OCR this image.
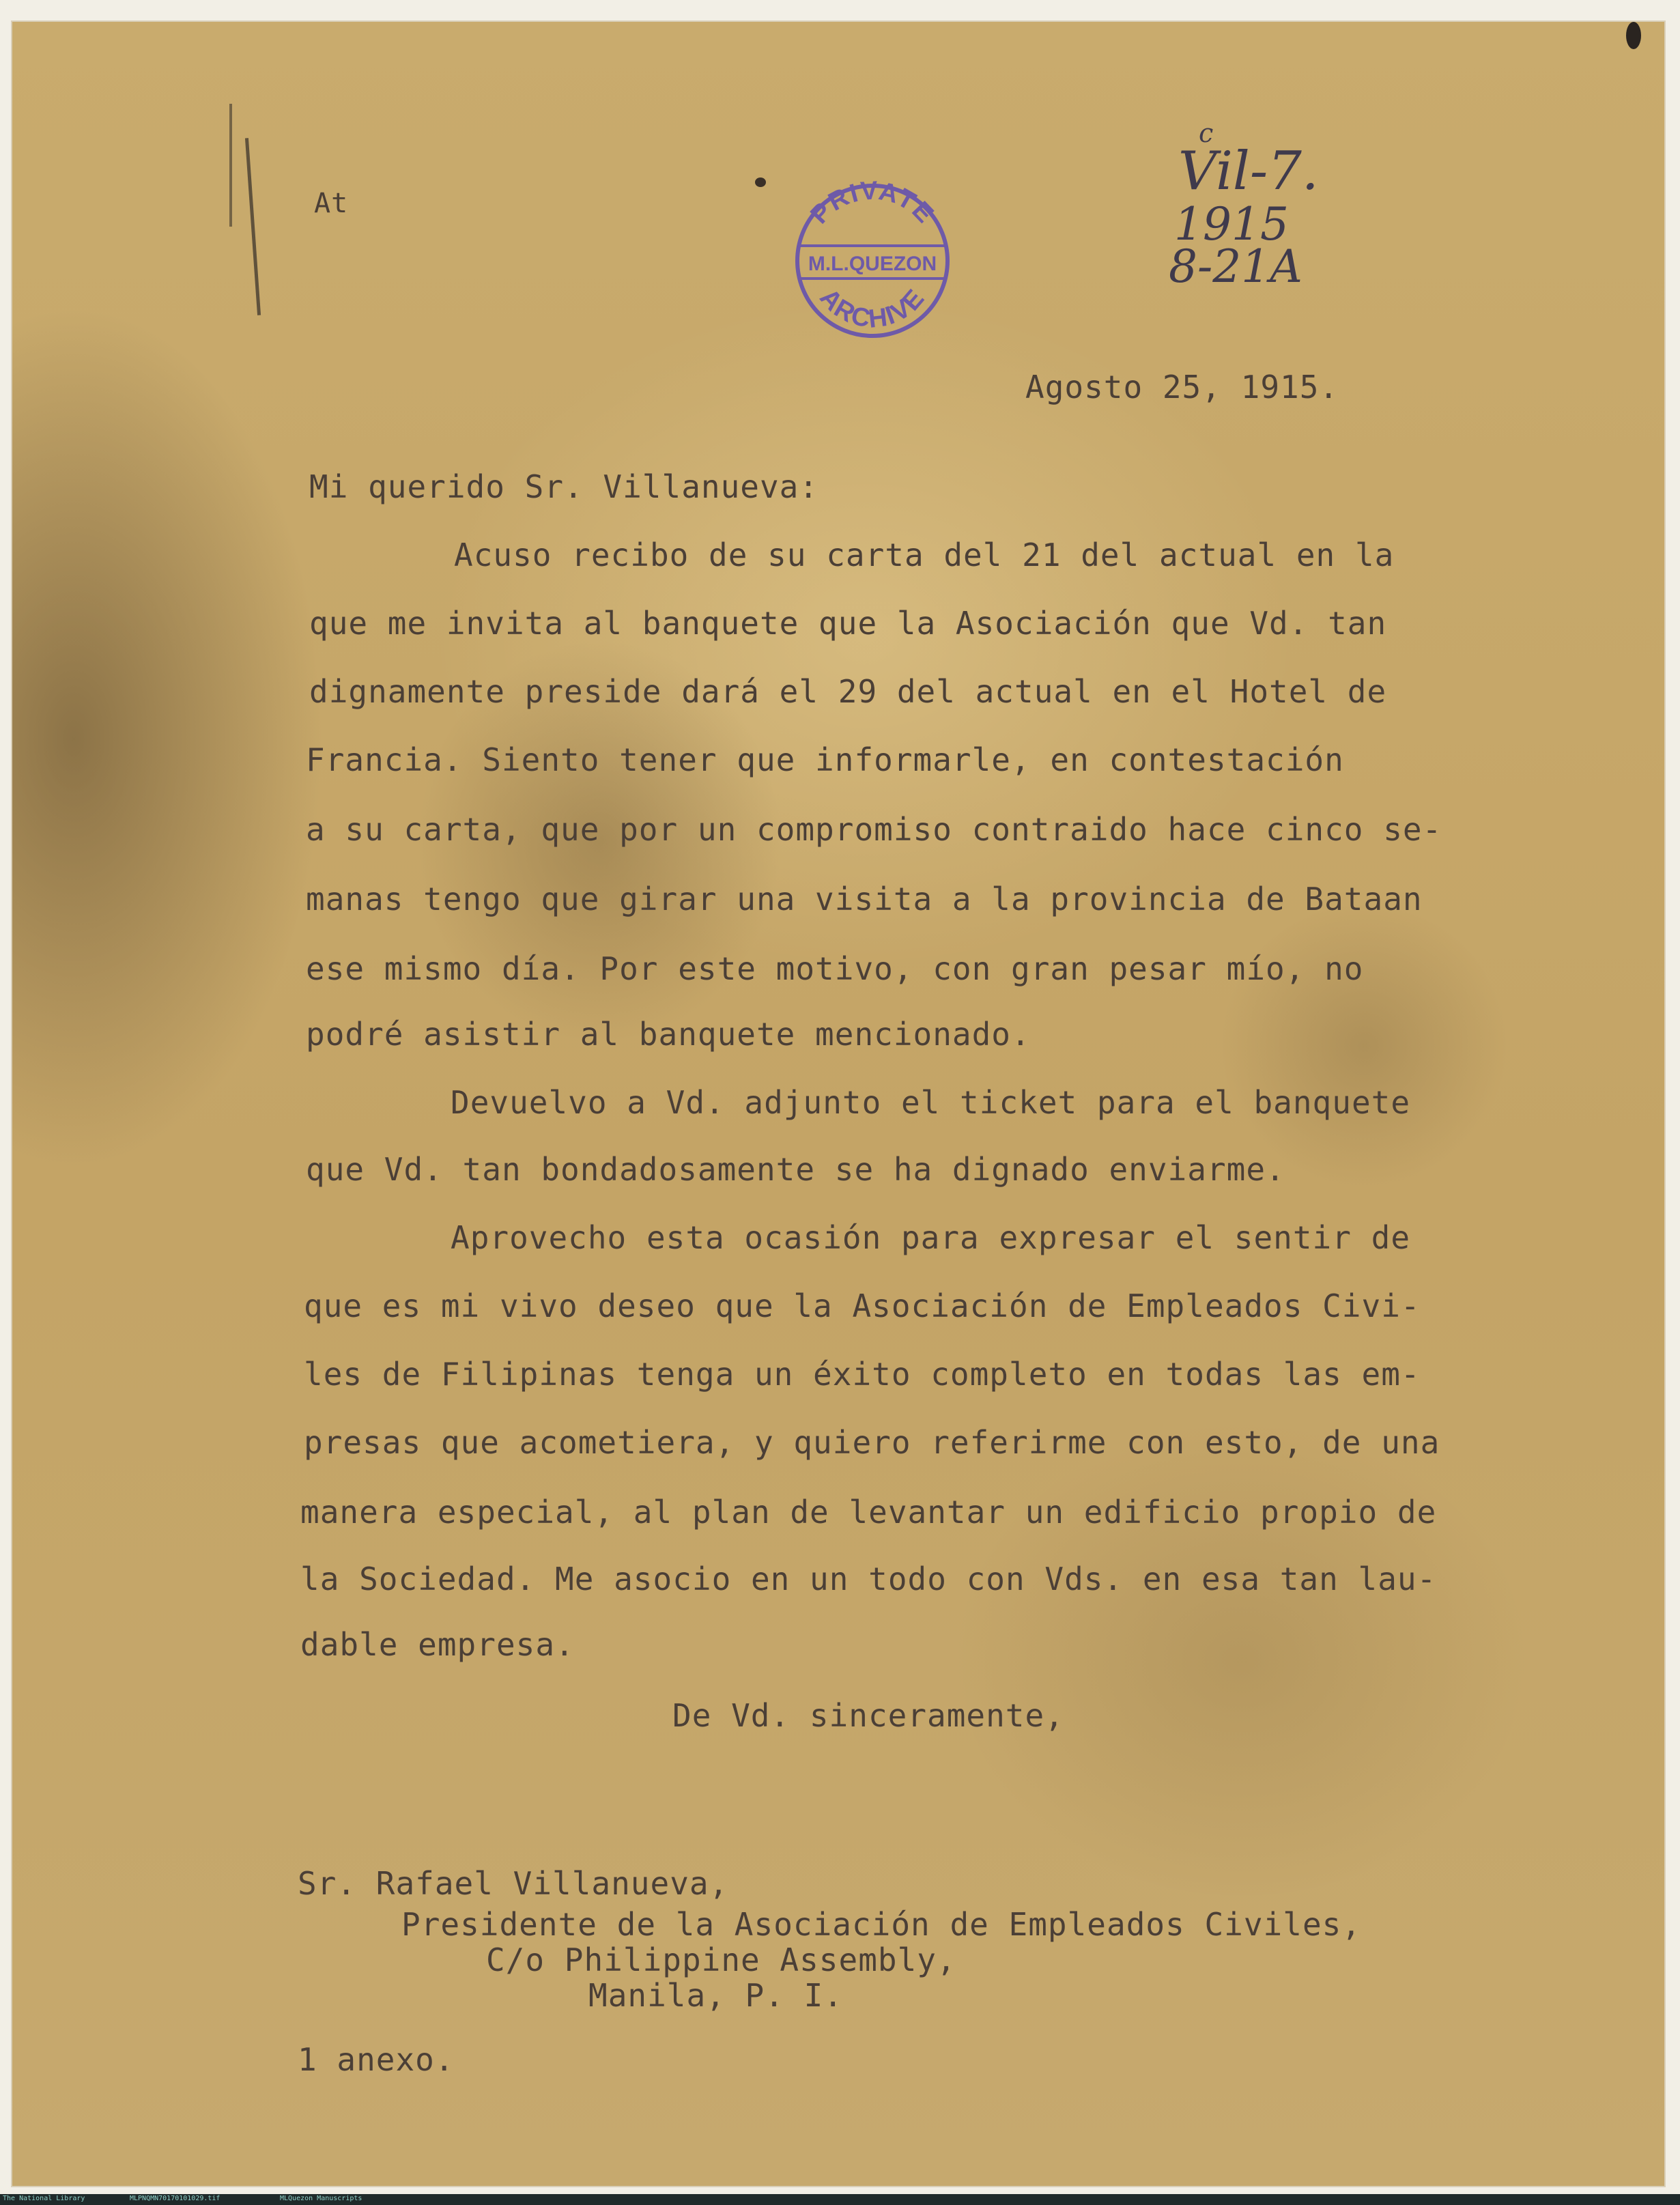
At	PRIVATE
M.L.QUEZON
ARCHIVE
c
Vil-7.
1915
8-21A
Agosto 25, 1915.
Mi querido Sr. Villanueva:
Acuso recibo de su carta del 21 del actual en la
que me invita al banquete que la Asociación que Vd. tan
dignamente preside dará el 29 del actual en el Hotel de
Francia. Siento tener que informarle, en contestación
a su carta, que por un compromiso contraido hace cinco se-
manas tengo que girar una visita a la provincia de Bataan
ese mismo día. Por este motivo, con gran pesar mío, no
podré asistir al banquete mencionado.
Devuelvo a Vd. adjunto el ticket para el banquete
que Vd. tan bondadosamente se ha dignado enviarme.
Aprovecho esta ocasión para expresar el sentir de
que es mi vivo deseo que la Asociación de Empleados Civi-
les de Filipinas tenga un éxito completo en todas las em-
presas que acometiera, y quiero referirme con esto, de una
manera especial, al plan de levantar un edificio propio de
la Sociedad. Me asocio en un todo con Vds. en esa tan lau-
dable empresa.
De Vd. sinceramente,
Sr. Rafael Villanueva,
Presidente de la Asociación de Empleados Civiles,
C/o Philippine Assembly,
Manila, P. I.
1 anexo.
The National Library	MLPNQMN70170101029.tif	MLQuezon Manuscripts
